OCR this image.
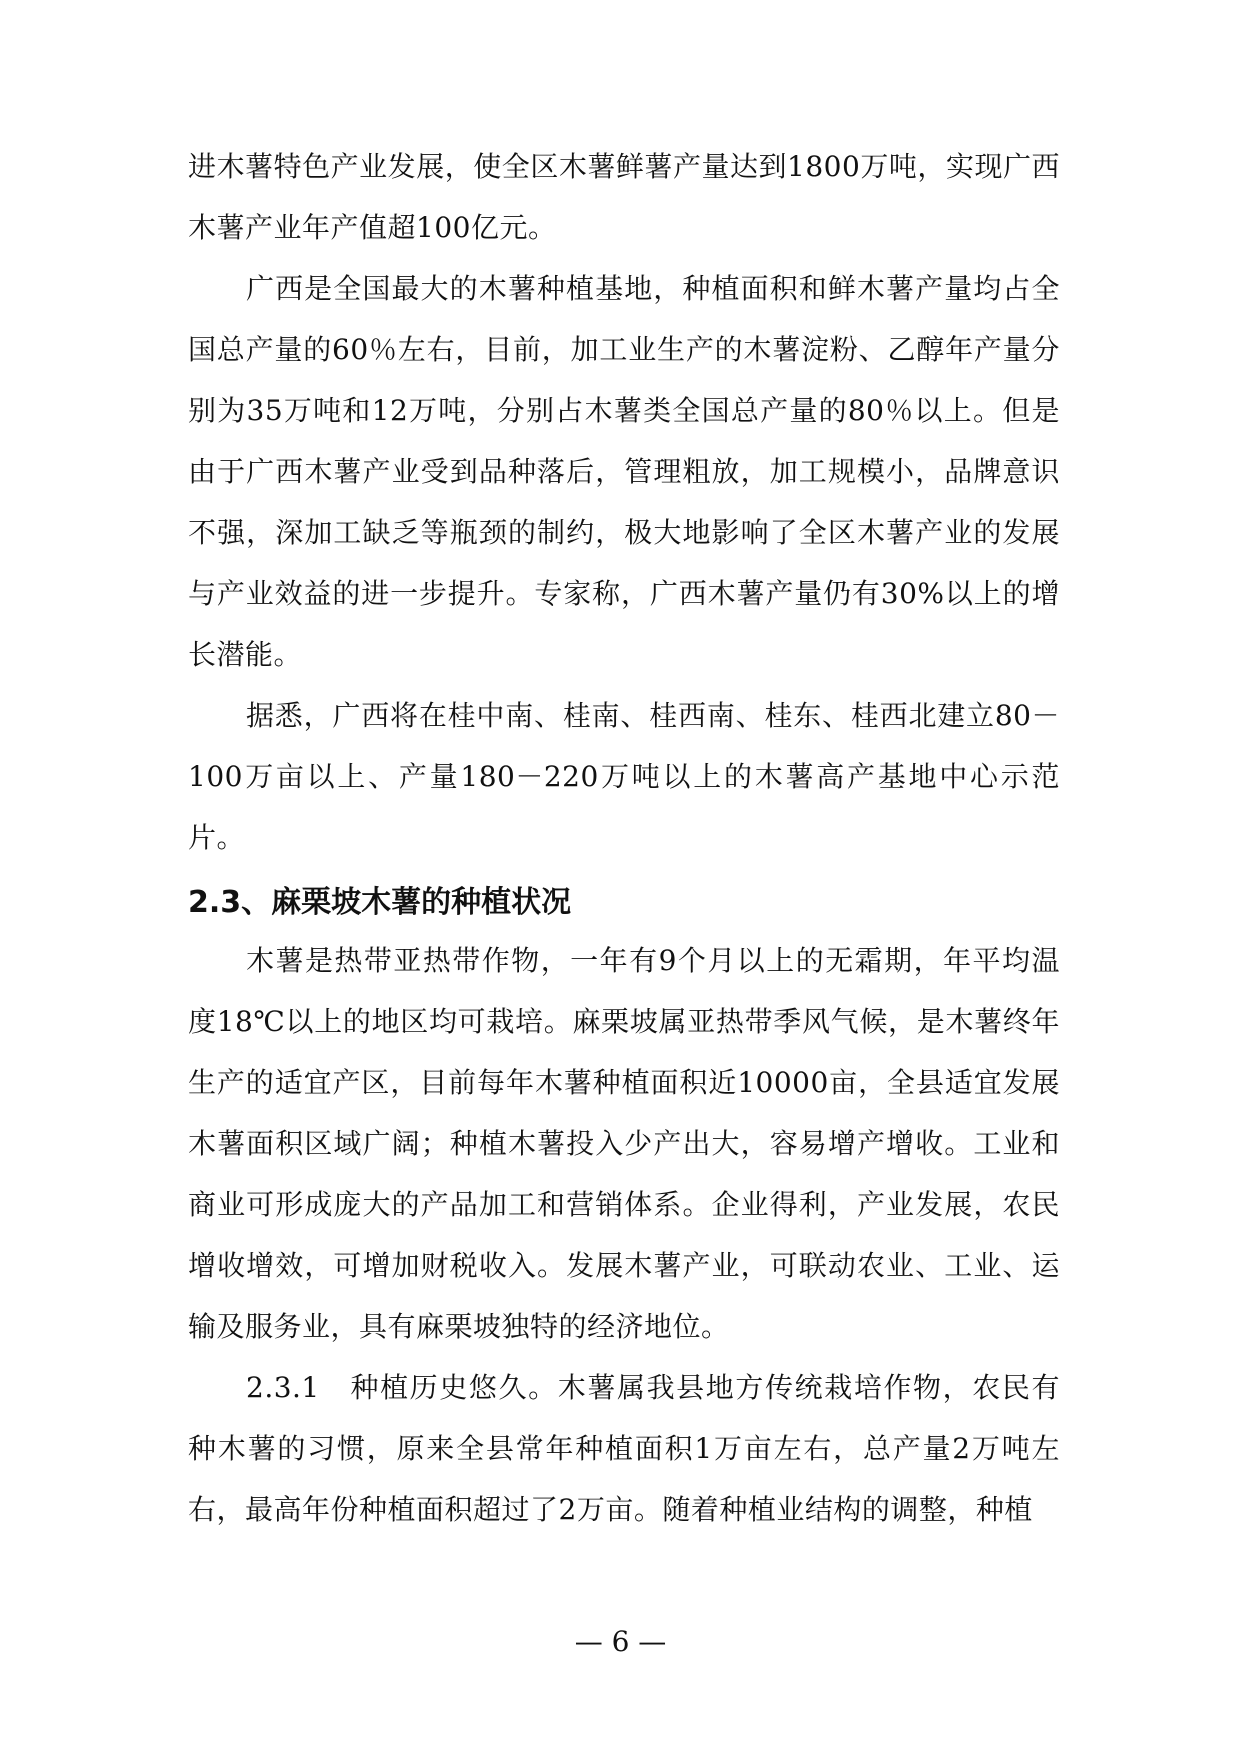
进木薯特色产业发展，使全区木薯鲜薯产量达到1800万吨，实现广西木薯产业年产值超100亿元。

广西是全国最大的木薯种植基地，种植面积和鲜木薯产量均占全国总产量的60％左右，目前，加工业生产的木薯淀粉、乙醇年产量分别为35万吨和12万吨，分别占木薯类全国总产量的80％以上。但是由于广西木薯产业受到品种落后，管理粗放，加工规模小，品牌意识不强，深加工缺乏等瓶颈的制约，极大地影响了全区木薯产业的发展与产业效益的进一步提升。专家称，广西木薯产量仍有30%以上的增长潜能。

据悉，广西将在桂中南、桂南、桂西南、桂东、桂西北建立80－100万亩以上、产量180－220万吨以上的木薯高产基地中心示范片。

2.3、麻栗坡木薯的种植状况

木薯是热带亚热带作物，一年有9个月以上的无霜期，年平均温度18℃以上的地区均可栽培。麻栗坡属亚热带季风气候，是木薯终年生产的适宜产区，目前每年木薯种植面积近10000亩，全县适宜发展木薯面积区域广阔；种植木薯投入少产出大，容易增产增收。工业和商业可形成庞大的产品加工和营销体系。企业得利，产业发展，农民增收增效，可增加财税收入。发展木薯产业，可联动农业、工业、运输及服务业，具有麻栗坡独特的经济地位。

2.3.1　种植历史悠久。木薯属我县地方传统栽培作物，农民有种木薯的习惯，原来全县常年种植面积1万亩左右，总产量2万吨左右，最高年份种植面积超过了2万亩。随着种植业结构的调整，种植

— 6 —
